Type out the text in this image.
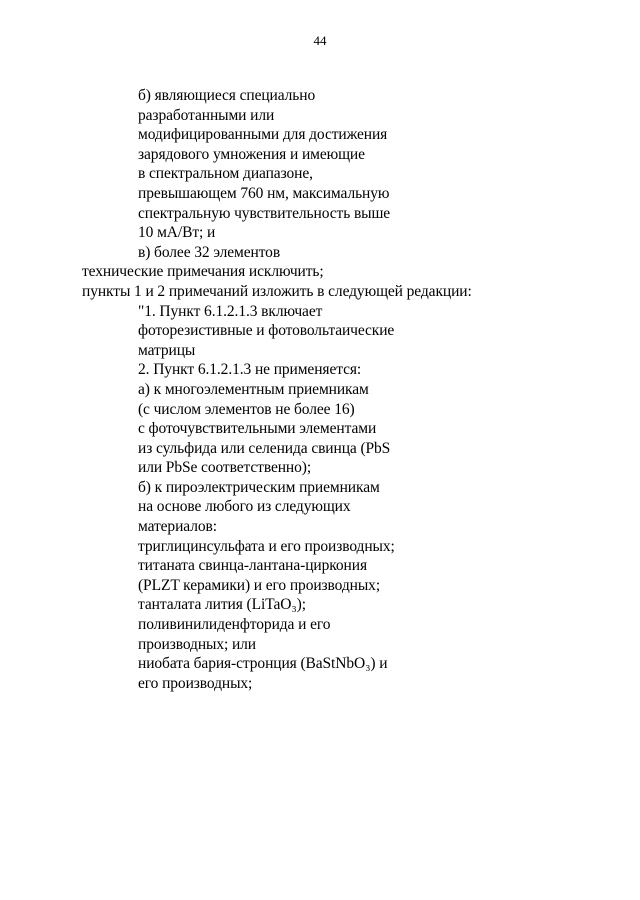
44
б) являющиеся специально
разработанными или
модифицированными для достижения
зарядового умножения и имеющие
в спектральном диапазоне,
превышающем 760 нм, максимальную
спектральную чувствительность выше
10 мА/Вт; и
в) более 32 элементов
технические примечания исключить;
пункты 1 и 2 примечаний изложить в следующей редакции:
"1. Пункт 6.1.2.1.3 включает
фоторезистивные и фотовольтаические
матрицы
2. Пункт 6.1.2.1.3 не применяется:
а) к многоэлементным приемникам
(с числом элементов не более 16)
с фоточувствительными элементами
из сульфида или селенида свинца (PbS
или PbSe соответственно);
б) к пироэлектрическим приемникам
на основе любого из следующих
материалов:
триглицинсульфата и его производных;
титаната свинца-лантана-циркония
(PLZT керамики) и его производных;
танталата лития (LiTaO₃);
поливинилиденфторида и его
производных; или
ниобата бария-стронция (BaStNbO₃) и
его производных;
